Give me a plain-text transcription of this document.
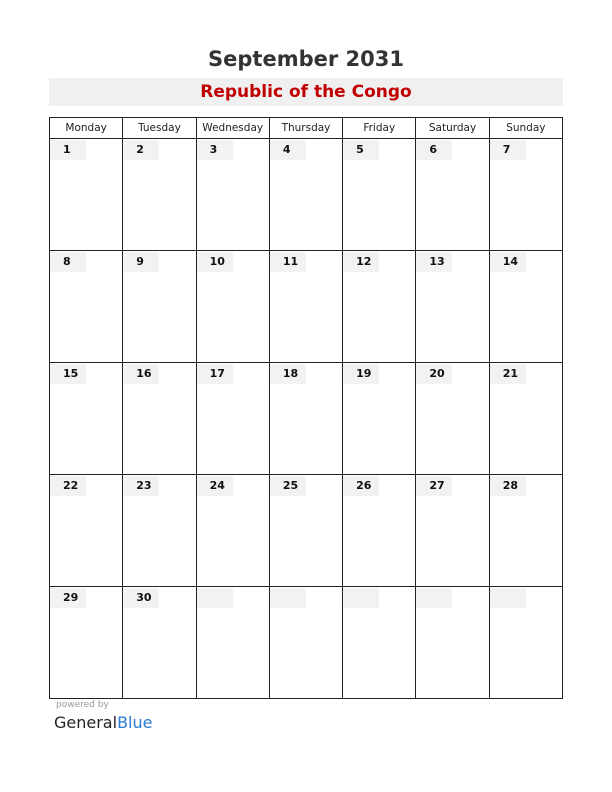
September 2031
Republic of the Congo
Monday	Tuesday	Wednesday	Thursday	Friday	Saturday	Sunday

1	2	3	4	5	6	7

8	9	10	11	12	13	14

15	16	17	18	19	20	21

22	23	24	25	26	27	28

29	30					

powered by
GeneralBlue
